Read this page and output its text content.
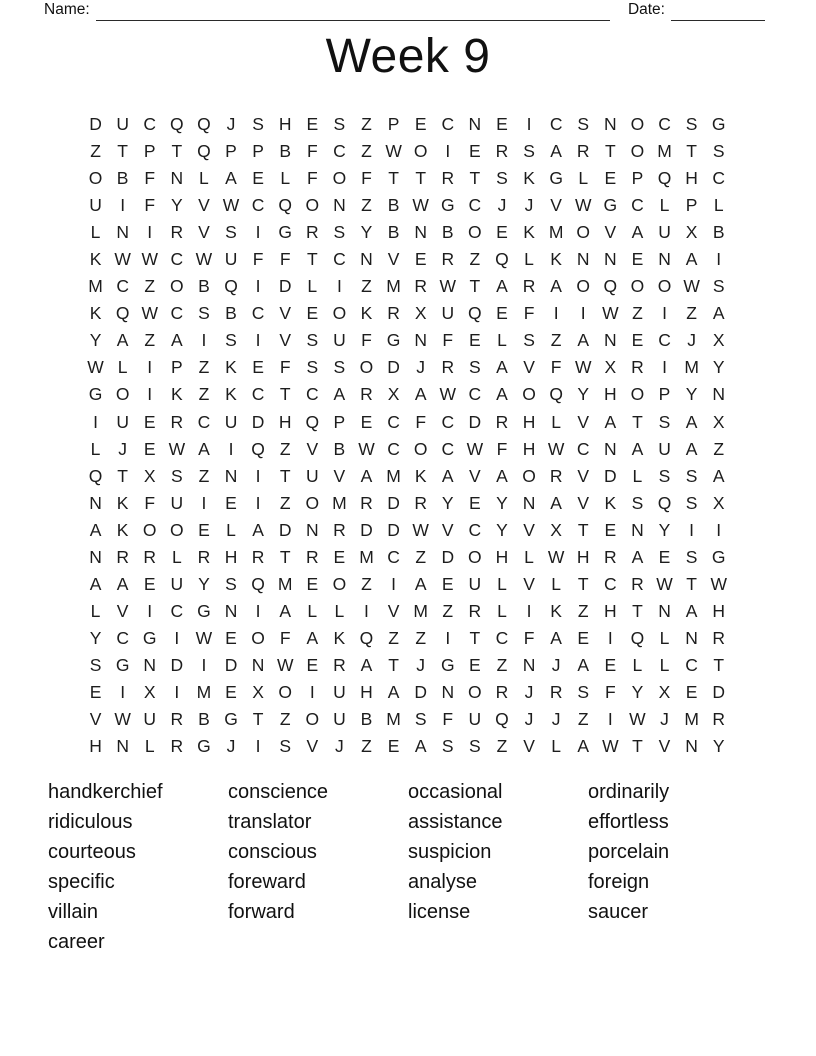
Name:	Date:
Week 9
D U C Q Q J S H E S Z P E C N E	I	C S N O C S G
Z T P T Q P P B F C Z W O	I	E R S A R T O M T S
O B F N L A E L F O F T T R T S K G L E P Q H C
U	I	F Y V W C Q O N Z B W G C J	J V W G C L P L
L N	I	R V S	I	G R S Y B N B O E K M O V A U X B
K W W C W U F F T C N V E R Z Q L K N N E N A	I
M C Z O B Q	I	D L	I	Z M R W T A R A O Q O O W S
K Q W C S B C V E O K R X U Q E F	I	I W Z	I	Z A
Y A Z A	I	S	I	V S U F G N F E L S Z A N E C J X
W L	I	P Z K E F S S O D J R S A V F W X R	I M Y
G O	I	K Z K C T C A R X A W C A O Q Y H O P Y N
I	U E R C U D H Q P E C F C D R H L V A T S A X
L	J E W A	I	Q Z V B W C O C W F H W C N A U A Z
Q T X S Z N	I	T U V A M K A V A O R V D L S S A
N K F U	I	E	I	Z O M R D R Y E Y N A V K S Q S X
A K O O E L A D N R D D W V C Y V X T E N Y	I	I
N R R L R H R T R E M C Z D O H L W H R A E S G
A A E U Y S Q M E O Z	I	A E U L V L T C R W T W
L V	I	C G N	I	A L L	I	V M Z R L	I	K Z H T N A H
Y C G	I W E O F A K Q Z Z	I	T C F A E	I	Q L N R
S G N D	I	D N W E R A T J G E Z N J A E L L C T
E	I	X	I M E X O	I	U H A D N O R J R S F Y X E D
V W U R B G T Z O U B M S F U Q J	J Z	I W J M R
H N L R G J	I	S V J Z E A S S Z V L A W T V N Y
handkerchief
ridiculous
courteous
specific
villain
career
conscience
translator
conscious
foreward
forward
occasional
assistance
suspicion
analyse
license
ordinarily
effortless
porcelain
foreign
saucer
